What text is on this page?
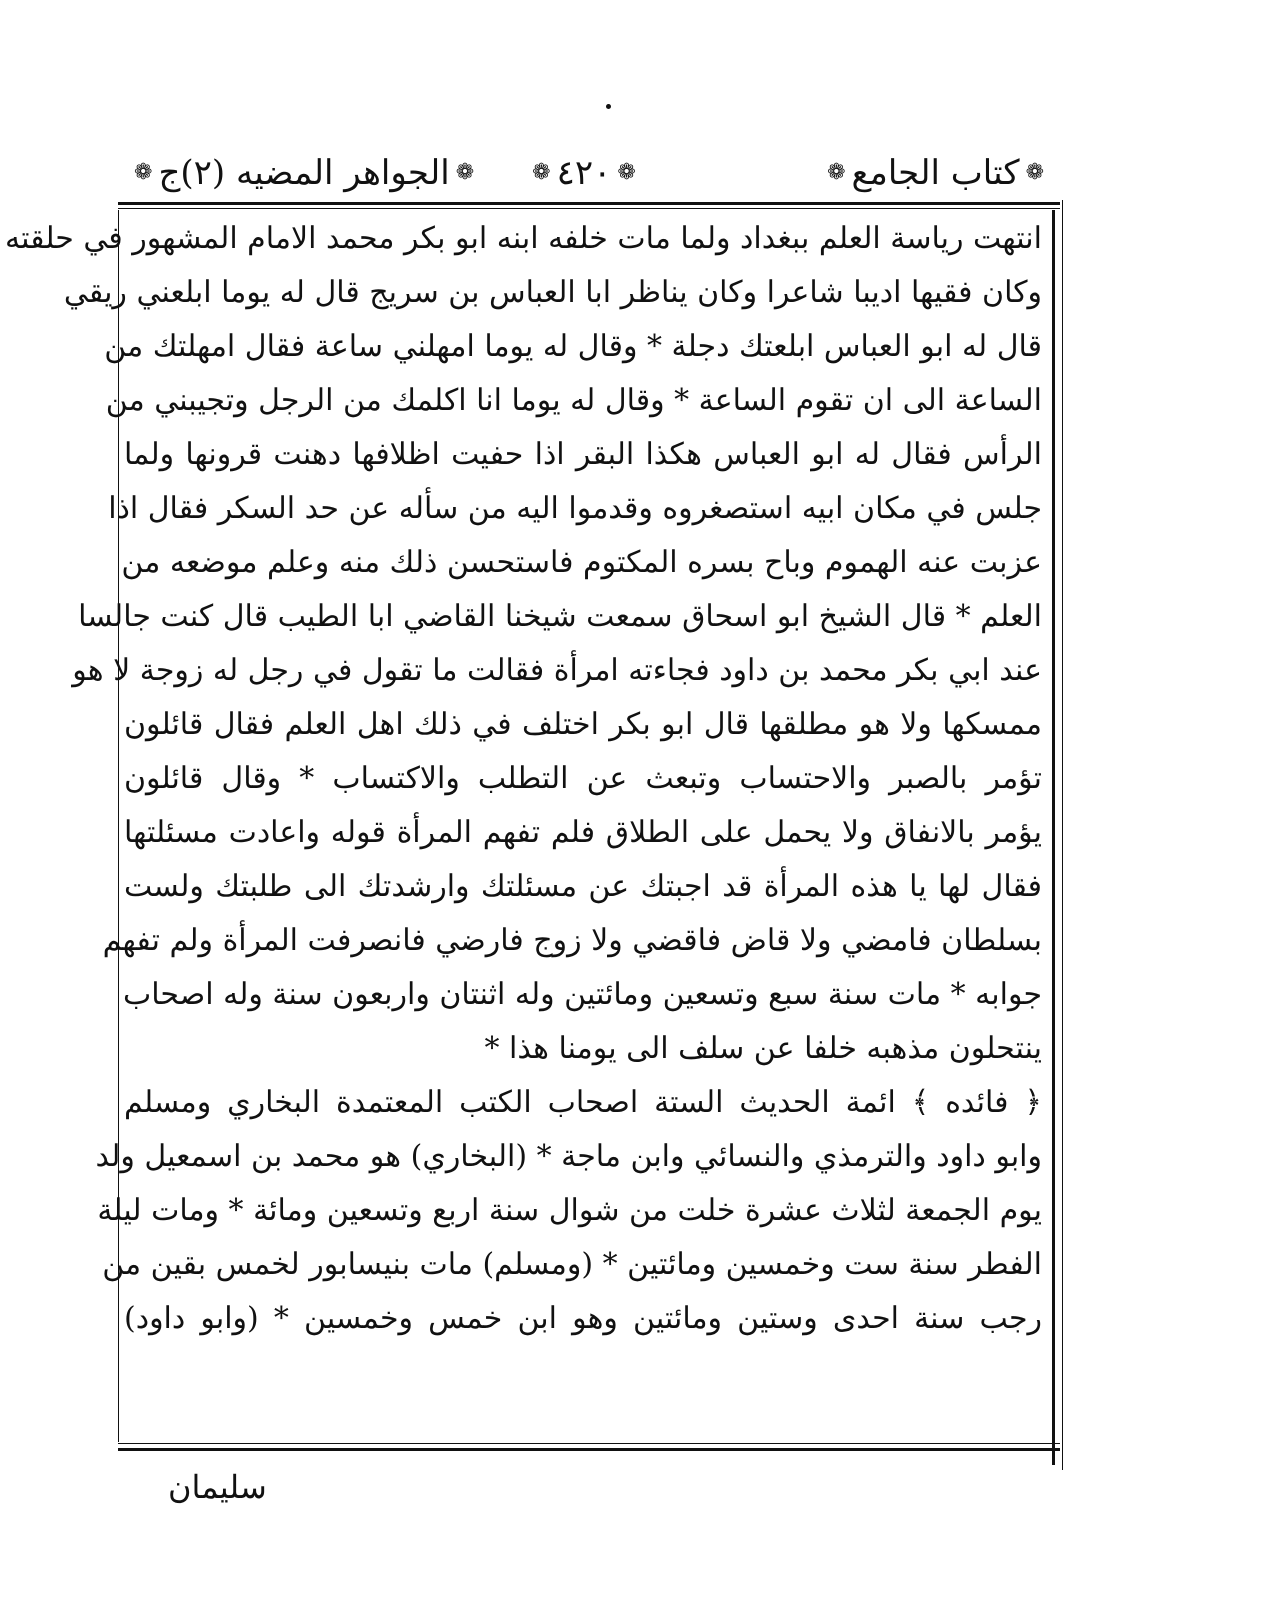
❁
كتاب الجامع
❁
❁
٤٢٠
❁
❁
الجواهر المضيه (٢)ج
❁
انتهت رياسة العلم ببغداد ولما مات خلفه ابنه ابو بكر محمد الامام المشهور في حلقته
وكان فقيها اديبا شاعرا وكان يناظر ابا العباس بن سريج قال له يوما ابلعني ريقي
قال له ابو العباس ابلعتك دجلة * وقال له يوما امهلني ساعة فقال امهلتك من
الساعة الى ان تقوم الساعة * وقال له يوما انا اكلمك من الرجل وتجيبني من
الرأس فقال له ابو العباس هكذا البقر اذا حفيت اظلافها دهنت قرونها ولما
جلس في مكان ابيه استصغروه وقدموا اليه من سأله عن حد السكر فقال اذا
عزبت عنه الهموم وباح بسره المكتوم فاستحسن ذلك منه وعلم موضعه من
العلم * قال الشيخ ابو اسحاق سمعت شيخنا القاضي ابا الطيب قال كنت جالسا
عند ابي بكر محمد بن داود فجاءته امرأة فقالت ما تقول في رجل له زوجة لا هو
ممسكها ولا هو مطلقها قال ابو بكر اختلف في ذلك اهل العلم فقال قائلون
تؤمر بالصبر والاحتساب وتبعث عن التطلب والاكتساب * وقال قائلون
يؤمر بالانفاق ولا يحمل على الطلاق فلم تفهم المرأة قوله واعادت مسئلتها
فقال لها يا هذه المرأة قد اجبتك عن مسئلتك وارشدتك الى طلبتك ولست
بسلطان فامضي ولا قاض فاقضي ولا زوج فارضي فانصرفت المرأة ولم تفهم
جوابه * مات سنة سبع وتسعين ومائتين وله اثنتان واربعون سنة وله اصحاب
ينتحلون مذهبه خلفا عن سلف الى يومنا هذا *
﴿ فائده ﴾ ائمة الحديث الستة اصحاب الكتب المعتمدة البخاري ومسلم
وابو داود والترمذي والنسائي وابن ماجة * (البخاري) هو محمد بن اسمعيل ولد
يوم الجمعة لثلاث عشرة خلت من شوال سنة اربع وتسعين ومائة * ومات ليلة
الفطر سنة ست وخمسين ومائتين * (ومسلم) مات بنيسابور لخمس بقين من
رجب سنة احدى وستين ومائتين وهو ابن خمس وخمسين * (وابو داود)
سليمان
